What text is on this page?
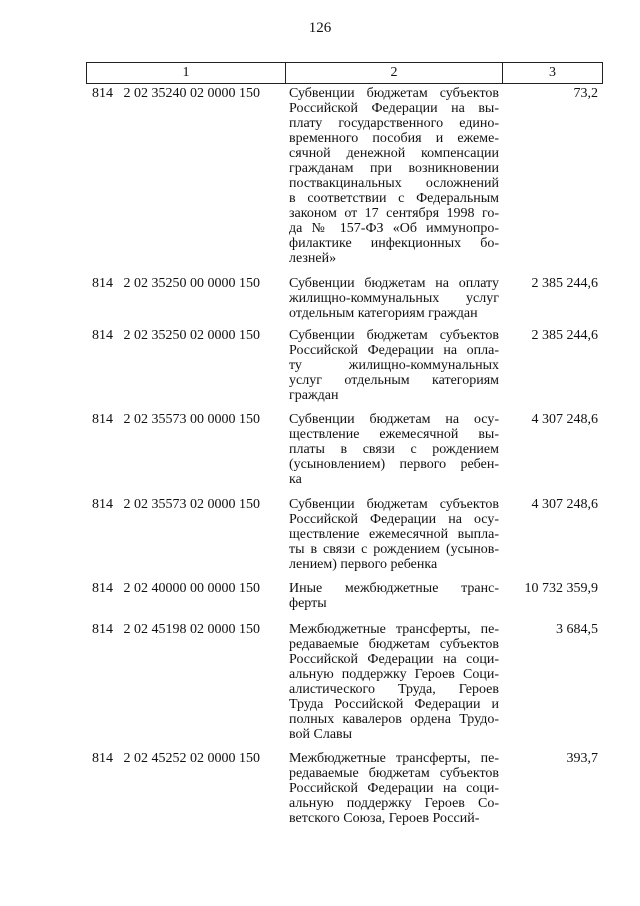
126
1	2	3
814   2 02 35240 02 0000 150 Субвенции бюджетам субъектов
Российской Федерации на вы-
плату государственного едино-
временного пособия и ежеме-
сячной денежной компенсации
гражданам при возникновении
поствакцинальных осложнений
в соответствии с Федеральным
законом от 17 сентября 1998 го-
да № 157-ФЗ «Об иммунопро-
филактике инфекционных бо-
лезней»
73,2
814   2 02 35250 00 0000 150 Субвенции бюджетам на оплату
жилищно-коммунальных услуг
отдельным категориям граждан
2 385 244,6
814   2 02 35250 02 0000 150 Субвенции бюджетам субъектов
Российской Федерации на опла-
ту жилищно-коммунальных
услуг отдельным категориям
граждан
2 385 244,6
814   2 02 35573 00 0000 150 Субвенции бюджетам на осу-
ществление ежемесячной вы-
платы в связи с рождением
(усыновлением) первого ребен-
ка
4 307 248,6
814   2 02 35573 02 0000 150 Субвенции бюджетам субъектов
Российской Федерации на осу-
ществление ежемесячной выпла-
ты в связи с рождением (усынов-
лением) первого ребенка
4 307 248,6
814   2 02 40000 00 0000 150 Иные межбюджетные транс-
ферты
10 732 359,9
814   2 02 45198 02 0000 150 Межбюджетные трансферты, пе-
редаваемые бюджетам субъектов
Российской Федерации на соци-
альную поддержку Героев Соци-
алистического Труда, Героев
Труда Российской Федерации и
полных кавалеров ордена Трудо-
вой Славы
3 684,5
814   2 02 45252 02 0000 150 Межбюджетные трансферты, пе-
редаваемые бюджетам субъектов
Российской Федерации на соци-
альную поддержку Героев Со-
ветского Союза, Героев Россий-
393,7
